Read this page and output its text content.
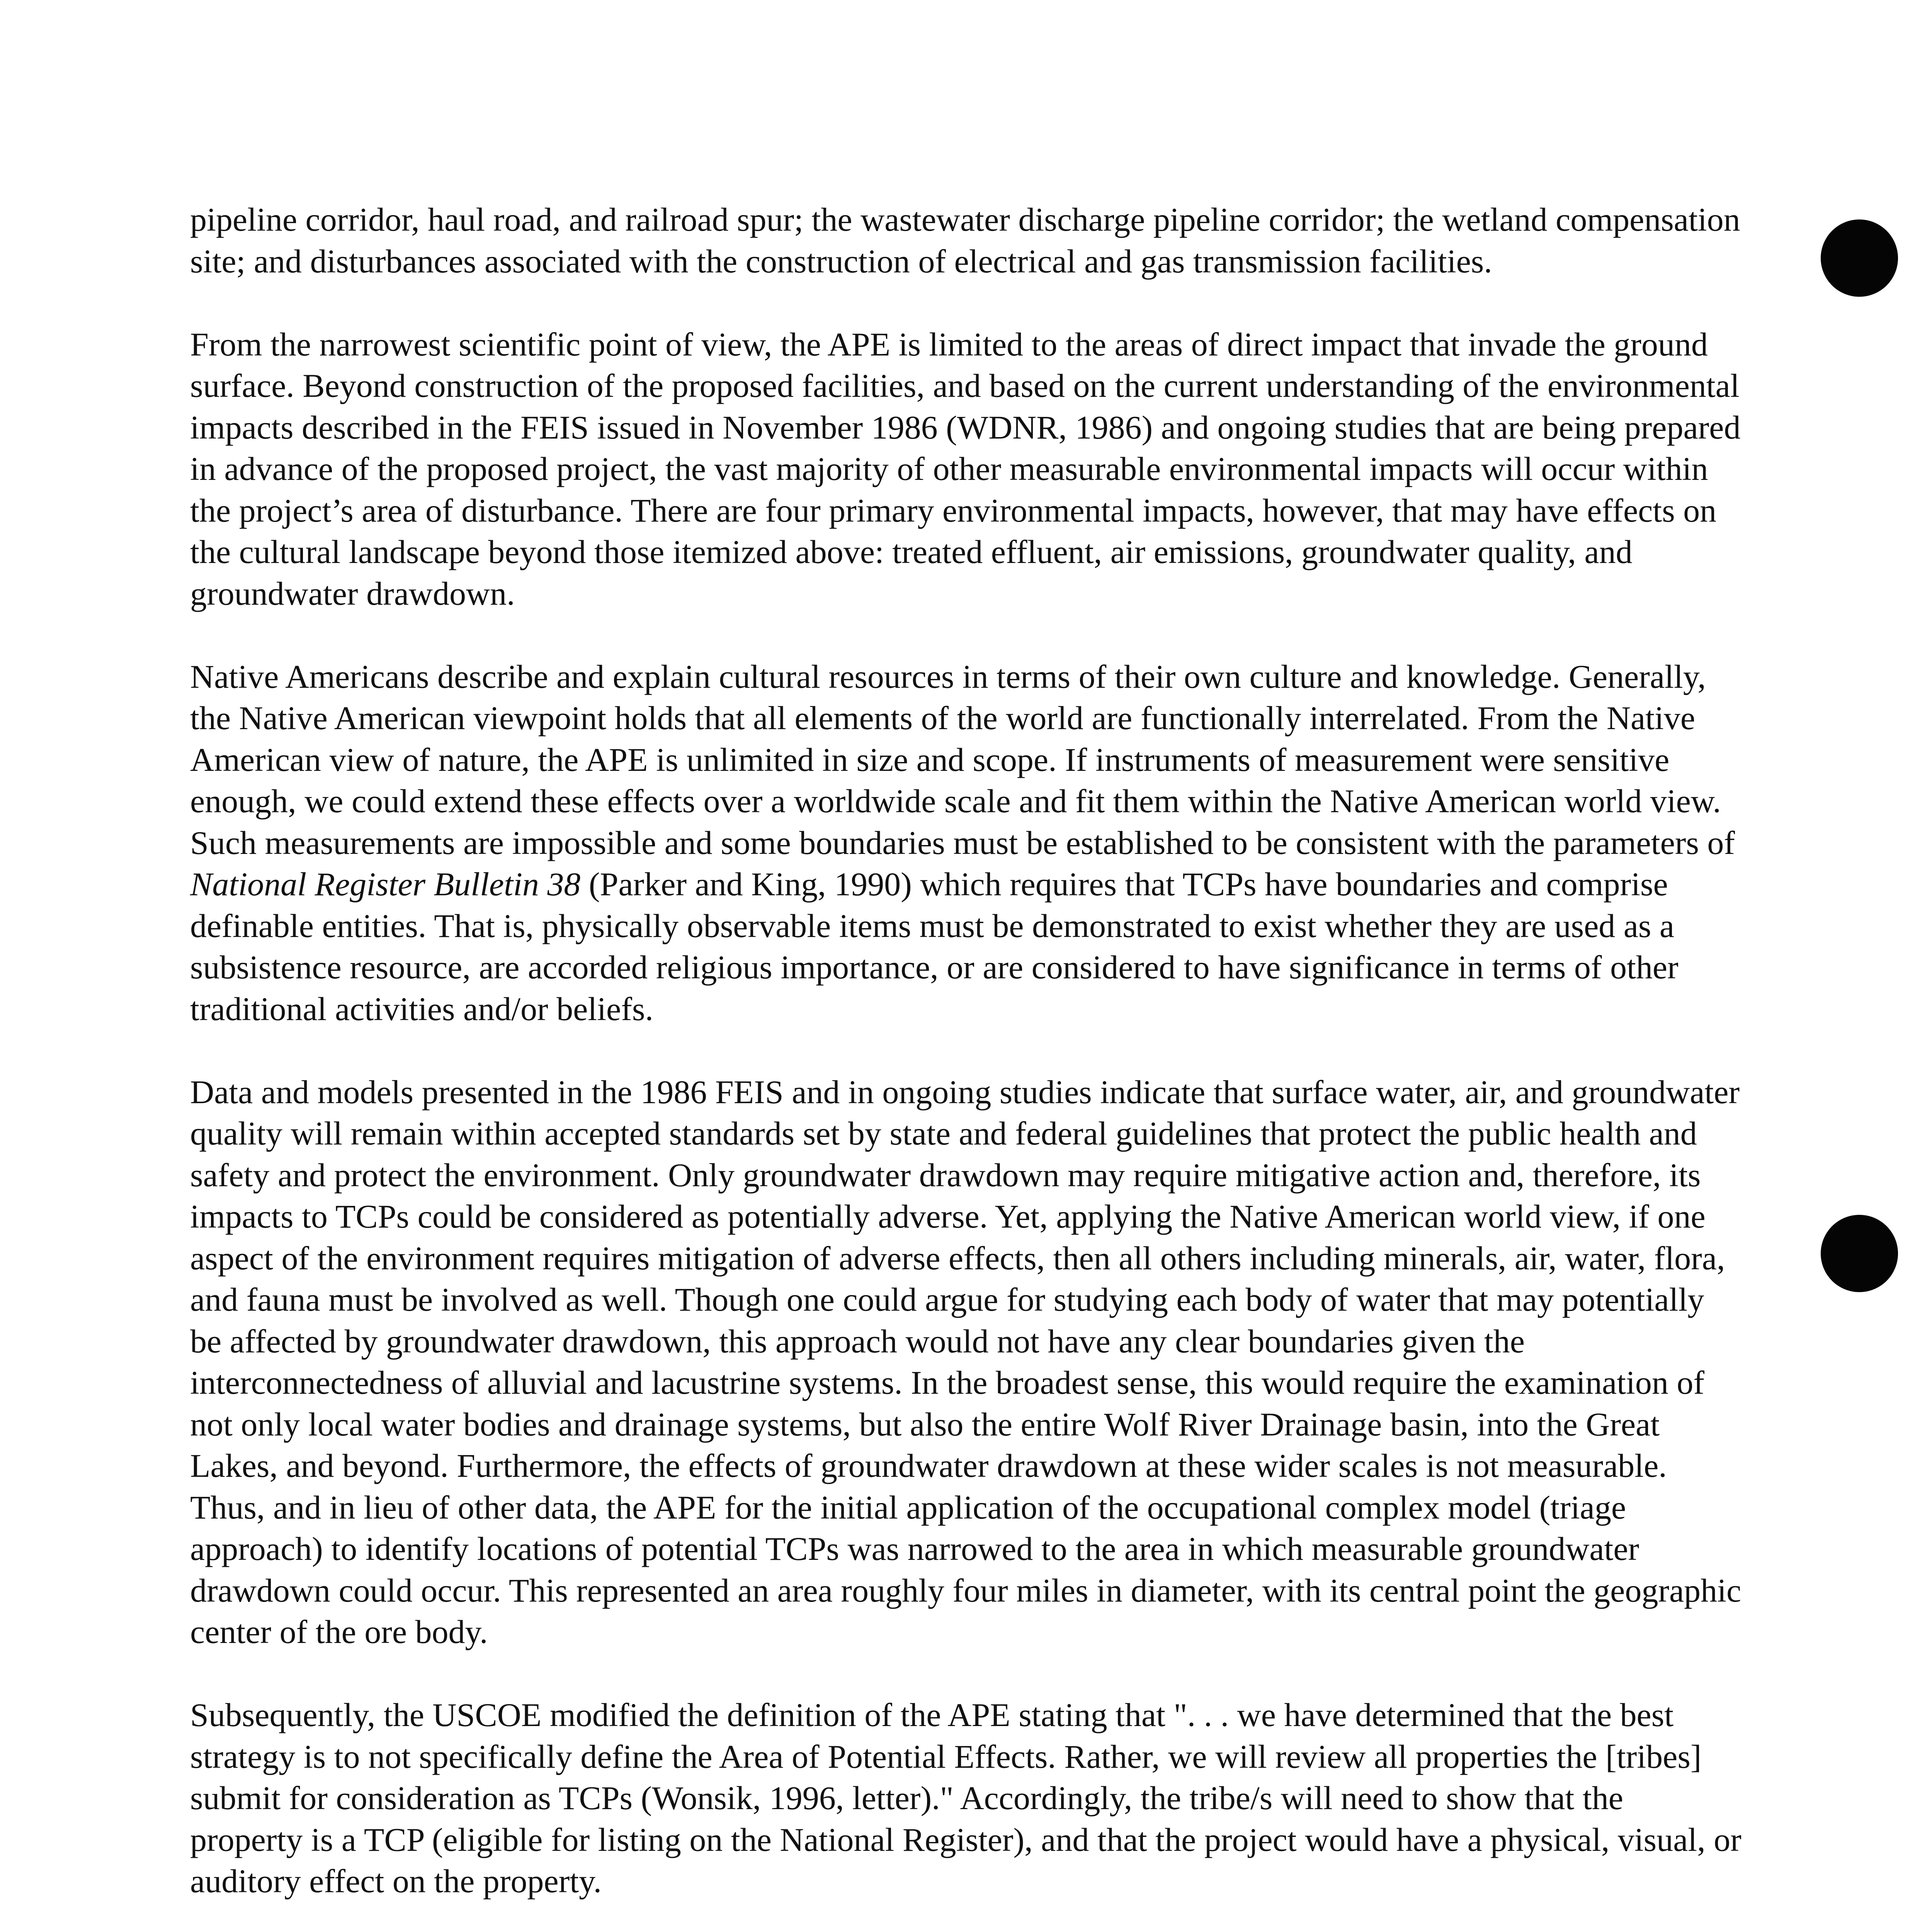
pipeline corridor, haul road, and railroad spur; the wastewater discharge pipeline corridor; the wetland compensation site; and disturbances associated with the construction of electrical and gas transmission facilities.

From the narrowest scientific point of view, the APE is limited to the areas of direct impact that invade the ground surface. Beyond construction of the proposed facilities, and based on the current understanding of the environmental impacts described in the FEIS issued in November 1986 (WDNR, 1986) and ongoing studies that are being prepared in advance of the proposed project, the vast majority of other measurable environmental impacts will occur within the project’s area of disturbance. There are four primary environmental impacts, however, that may have effects on the cultural landscape beyond those itemized above: treated effluent, air emissions, groundwater quality, and groundwater drawdown.

Native Americans describe and explain cultural resources in terms of their own culture and knowledge. Generally, the Native American viewpoint holds that all elements of the world are functionally interrelated. From the Native American view of nature, the APE is unlimited in size and scope. If instruments of measurement were sensitive enough, we could extend these effects over a worldwide scale and fit them within the Native American world view. Such measurements are impossible and some boundaries must be established to be consistent with the parameters of National Register Bulletin 38 (Parker and King, 1990) which requires that TCPs have boundaries and comprise definable entities. That is, physically observable items must be demonstrated to exist whether they are used as a subsistence resource, are accorded religious importance, or are considered to have significance in terms of other traditional activities and/or beliefs.

Data and models presented in the 1986 FEIS and in ongoing studies indicate that surface water, air, and groundwater quality will remain within accepted standards set by state and federal guidelines that protect the public health and safety and protect the environment. Only groundwater drawdown may require mitigative action and, therefore, its impacts to TCPs could be considered as potentially adverse. Yet, applying the Native American world view, if one aspect of the environment requires mitigation of adverse effects, then all others including minerals, air, water, flora, and fauna must be involved as well. Though one could argue for studying each body of water that may potentially be affected by groundwater drawdown, this approach would not have any clear boundaries given the interconnectedness of alluvial and lacustrine systems. In the broadest sense, this would require the examination of not only local water bodies and drainage systems, but also the entire Wolf River Drainage basin, into the Great Lakes, and beyond. Furthermore, the effects of groundwater drawdown at these wider scales is not measurable. Thus, and in lieu of other data, the APE for the initial application of the occupational complex model (triage approach) to identify locations of potential TCPs was narrowed to the area in which measurable groundwater drawdown could occur. This represented an area roughly four miles in diameter, with its central point the geographic center of the ore body.

Subsequently, the USCOE modified the definition of the APE stating that ". . . we have determined that the best strategy is to not specifically define the Area of Potential Effects. Rather, we will review all properties the [tribes] submit for consideration as TCPs (Wonsik, 1996, letter)." Accordingly, the tribe/s will need to show that the property is a TCP (eligible for listing on the National Register), and that the project would have a physical, visual, or auditory effect on the property.
